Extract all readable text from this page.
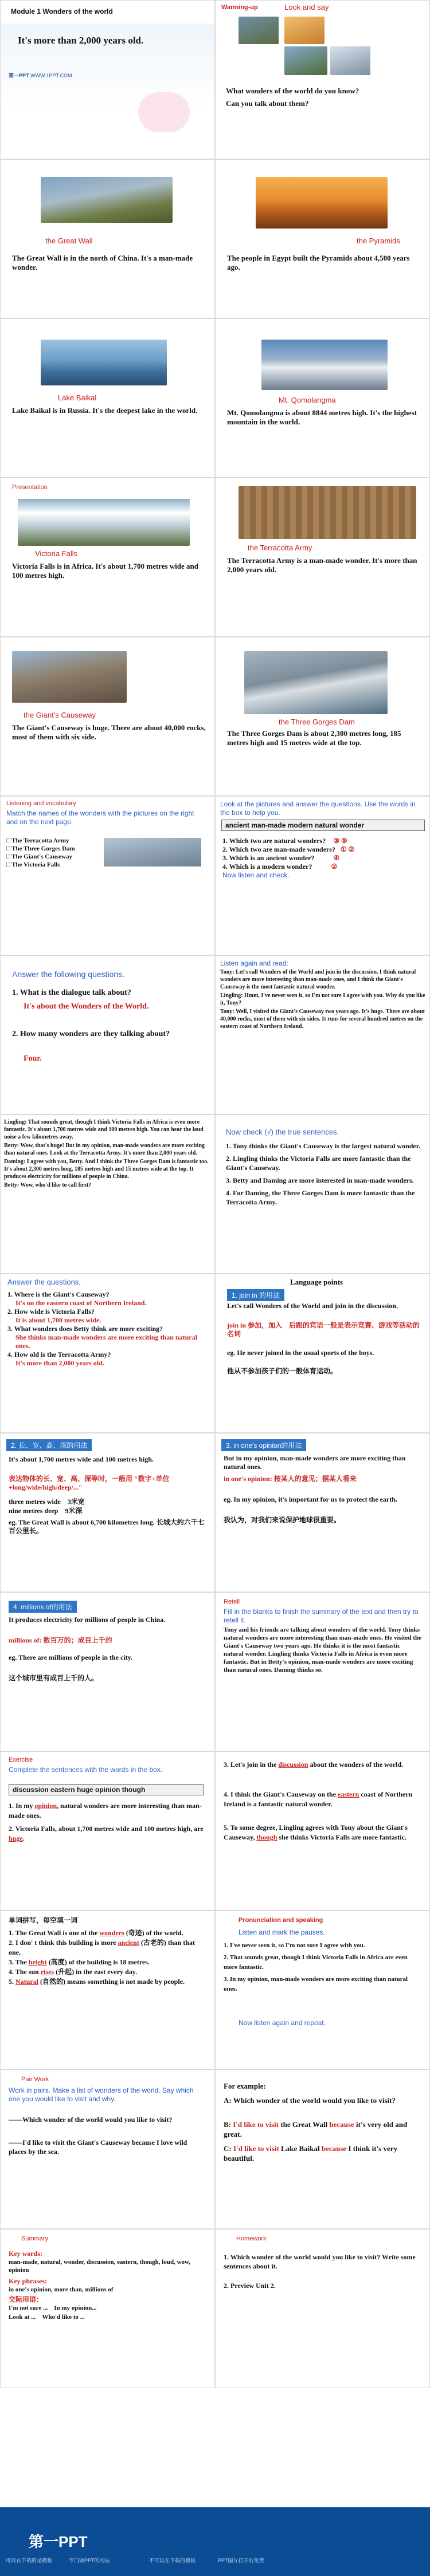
Module 1 Wonders of the world
It's more than 2,000 years old.
第一PPT WWW.1PPT.COM
Warming-up	Look and say
What wonders of the world do you know?
Can you talk about them?
the Great Wall
The Great Wall is in the north of China. It's a man-made wonder.
the Pyramids
The people in Egypt built the Pyramids about 4,500 years ago.
Lake Baikal
Lake Baikal is in Russia. It's the deepest lake in the world.
Mt. Qomolangma
Mt. Qomolangma is about 8844 metres high. It's the highest mountain in the world.
Presentation
Victoria Falls
Victoria Falls is in Africa. It's about 1,700 metres wide and 100 metres high.
the Terracotta Army
The Terracotta Army is a man-made wonder. It's more than 2,000 years old.
the Giant's Causeway
The Giant's Causeway is huge. There are about 40,000 rocks, most of them with six side.
the Three Gorges Dam
The Three Gorges Dam is about 2,300 metres long, 185 metres high and 15 metres wide at the top.
Listening and vocabulary
Match the names of the wonders with the pictures on the right and on the next page.
□ The Terracotta Army
□ The Three Gorges Dam
□ The Giant's Causeway
□ The Victoria Falls
Look at the pictures and answer the questions. Use the words in the box to help you.
ancient man-made modern natural wonder
1. Which two are natural wonders? ③ ⑤
2. Which two are man-made wonders? ① ②
3. Which is an ancient wonder?	④
4. Which is a modern wonder?	②
Now listen and check.
Answer the following questions.
1. What is the dialogue talk about?
It's about the Wonders of the World.
2. How many wonders are they talking about?
Four.
Listen again and read:
Tony: Let's call Wonders of the World and join in the discussion. I think natural wonders are more interesting than man-made ones, and I think the Giant's Causeway is the most fantastic natural wonder.
Lingling: Hmm, I've never seen it, so I'm not sure I agree with you. Why do you like it, Tony?
Tony: Well, I visited the Giant's Causeway two years ago. It's huge. There are about 40,000 rocks, most of them with six sides. It runs for several hundred metres on the eastern coast of Northern Ireland.
Lingling: That sounds great, though I think Victoria Falls in Africa is even more fantastic. It's about 1,700 metres wide and 100 metres high. You can hear the loud noise a few kilometres away.
Betty: Wow, that's huge! But in my opinion, man-made wonders are more exciting than natural ones. Look at the Terracotta Army. It's more than 2,000 years old.
Daming: I agree with you, Betty. And I think the Three Gorges Dam is fantastic too. It's about 2,300 metres long, 185 metres high and 15 metres wide at the top. It produces electricity for millions of people in China.
Betty: Wow, who'd like to call first?
Now check (√) the true sentences.
1. Tony thinks the Giant's Causeway is the largest natural wonder.
2. Lingling thinks the Victoria Falls are more fantastic than the Giant's Causeway.
3. Betty and Daming are more interested in man-made wonders.
4. For Daming, the Three Gorges Dam is more fantastic than the Terracotta Army.
Answer the questions.
1. Where is the Giant's Causeway?
It's on the eastern coast of Northern Ireland.
2. How wide is Victoria Falls?
It is about 1,700 metres wide.
3. What wonders does Betty think are more exciting?
She thinks man-made wonders are more exciting than natural ones.
4. How old is the Terracotta Army?
It's more than 2,000 years old.
Language points
1. join in 的用法
Let's call Wonders of the World and join in the discussion.
join in 参加，加入　后跟的宾语一般是表示竞赛、游戏等活动的名词
eg. He never joined in the usual sports of the boys.
他从不参加孩子们的一般体育运动。
2. 长、宽、高、深的用法
It's about 1,700 metres wide and 100 metres high.
表达物体的长、宽、高、深等时，一般用 "数字+单位+long/wide/high/deep/..."
three metres wide　3米宽
nine metres deep　9米深
eg. The Great Wall is about 6,700 kilometres long. 长城大约六千七百公里长。
3. in one's opinion的用法
But in my opinion, man-made wonders are more exciting than natural ones.
in one's opinion: 按某人的意见；据某人看来
eg. In my opinion, it's important for us to protect the earth.
我认为，对我们来说保护地球很重要。
4. millions of的用法
It produces electricity for millions of people in China.
millions of: 数百万的；成百上千的
eg. There are millions of people in the city.
这个城市里有成百上千的人。
Retell
Fill in the blanks to finish the summary of the text and then try to retell it.
Tony and his friends are talking about wonders of the world. Tony thinks natural wonders are more interesting than man-made ones. He visited the Giant's Causeway two years ago. He thinks it is the most fantastic natural wonder. Lingling thinks Victoria Falls in Africa is even more fantastic. But in Betty's opinion, man-made wonders are more exciting than natural ones. Daming thinks so.
Exercise
Complete the sentences with the words in the box.
discussion eastern huge opinion though
1. In my opinion, natural wonders are more interesting than man-made ones.
2. Victoria Falls, about 1,700 metres wide and 100 metres high, are huge.
3. Let's join in the discussion about the wonders of the world.
4. I think the Giant's Causeway on the eastern coast of Northern Ireland is a fantastic natural wonder.
5. To some degree, Lingling agrees with Tony about the Giant's Causeway, though she thinks Victoria Falls are more fantastic.
单词拼写，每空填一词
1. The Great Wall is one of the wonders (奇迹) of the world.
2. I don' t think this building is more ancient (古老的) than that one.
3. The height (高度) of the building is 18 metres.
4. The sun rises (升起) in the east every day.
5. Natural (自然的) means something is not made by people.
Pronunciation and speaking
Listen and mark the pauses.
1. I've never seen it, so I'm not sure I agree with you.
2. That sounds great, though I think Victoria Falls in Africa are even more fantastic.
3. In my opinion, man-made wonders are more exciting than natural ones.
Now listen again and repeat.
Pair Work
Work in pairs. Make a list of wonders of the world. Say which one you would like to visit and why.
——Which wonder of the world would you like to visit?
——I'd like to visit the Giant's Causeway because I love wild places by the sea.
For example:
A: Which wonder of the world would you like to visit?
B: I'd like to visit the Great Wall because it's very old and great.
C: I'd like to visit Lake Baikal because I think it's very beautiful.
Summary
Key words:
man-made, natural, wonder, discussion, eastern, though, loud, wow, opinion
Key phrases:
in one's opinion, more than, millions of
交际用语：
I'm not sure ...　In my opinion...
Look at ...　Who'd like to ...
Homework
1. Which wonder of the world would you like to visit? Write some sentences about it.
2. Preview Unit 2.
第一PPT
可以在下载的是模板	专门做PPT的网站	不可以在下载的模板	PPT图片打开后免费
